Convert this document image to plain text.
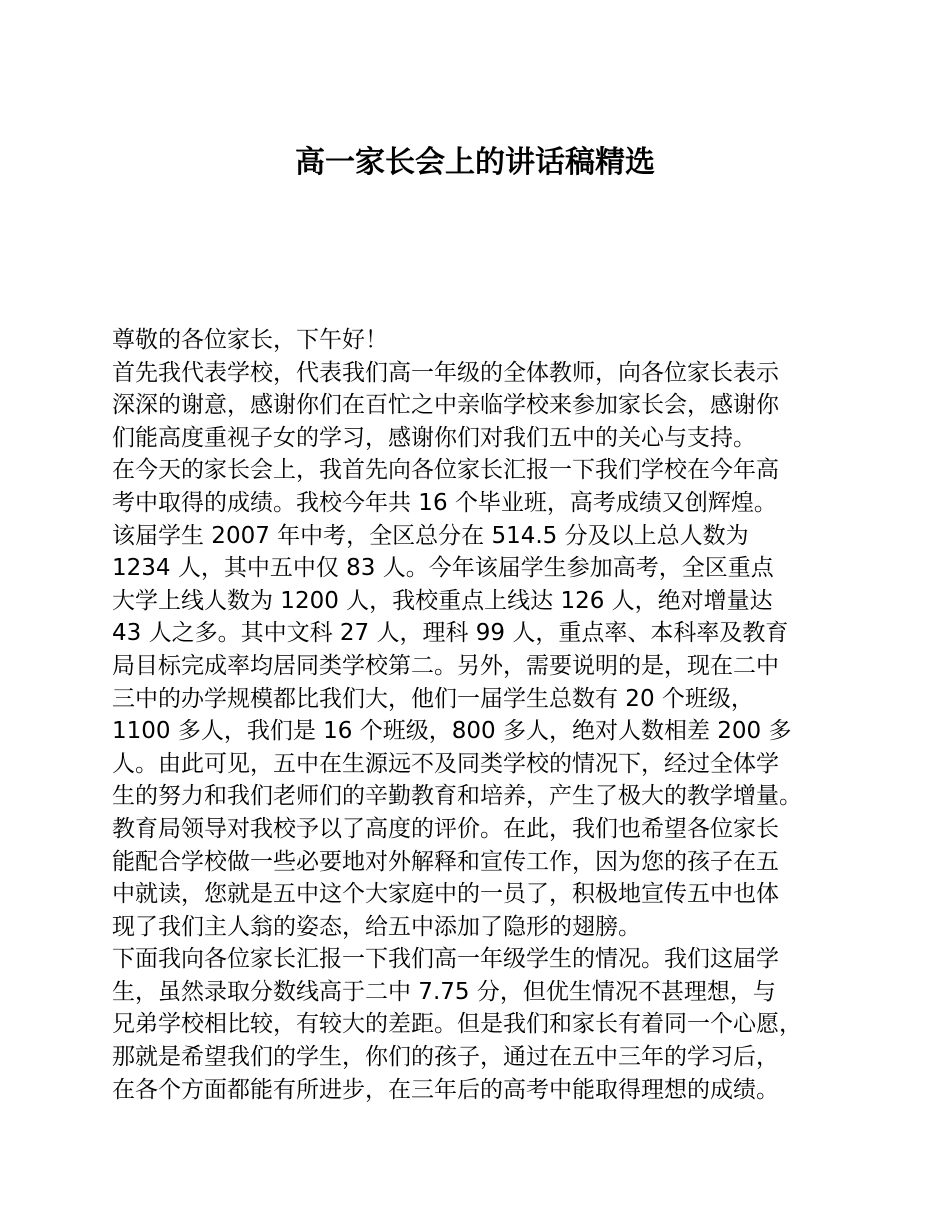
高一家长会上的讲话稿精选

尊敬的各位家长，下午好！

首先我代表学校，代表我们高一年级的全体教师，向各位家长表示

深深的谢意，感谢你们在百忙之中亲临学校来参加家长会，感谢你

们能高度重视子女的学习，感谢你们对我们五中的关心与支持。

在今天的家长会上，我首先向各位家长汇报一下我们学校在今年高

考中取得的成绩。我校今年共 16 个毕业班，高考成绩又创辉煌。

该届学生 2007 年中考，全区总分在 514.5 分及以上总人数为

1234 人，其中五中仅 83 人。今年该届学生参加高考，全区重点

大学上线人数为 1200 人，我校重点上线达 126 人，绝对增量达

43 人之多。其中文科 27 人，理科 99 人，重点率、本科率及教育

局目标完成率均居同类学校第二。另外，需要说明的是，现在二中

三中的办学规模都比我们大，他们一届学生总数有 20 个班级，

1100 多人，我们是 16 个班级，800 多人，绝对人数相差 200 多

人。由此可见，五中在生源远不及同类学校的情况下，经过全体学

生的努力和我们老师们的辛勤教育和培养，产生了极大的教学增量。

教育局领导对我校予以了高度的评价。在此，我们也希望各位家长

能配合学校做一些必要地对外解释和宣传工作，因为您的孩子在五

中就读，您就是五中这个大家庭中的一员了，积极地宣传五中也体

现了我们主人翁的姿态，给五中添加了隐形的翅膀。

下面我向各位家长汇报一下我们高一年级学生的情况。我们这届学

生，虽然录取分数线高于二中 7.75 分，但优生情况不甚理想，与

兄弟学校相比较，有较大的差距。但是我们和家长有着同一个心愿，

那就是希望我们的学生，你们的孩子，通过在五中三年的学习后，

在各个方面都能有所进步，在三年后的高考中能取得理想的成绩。
